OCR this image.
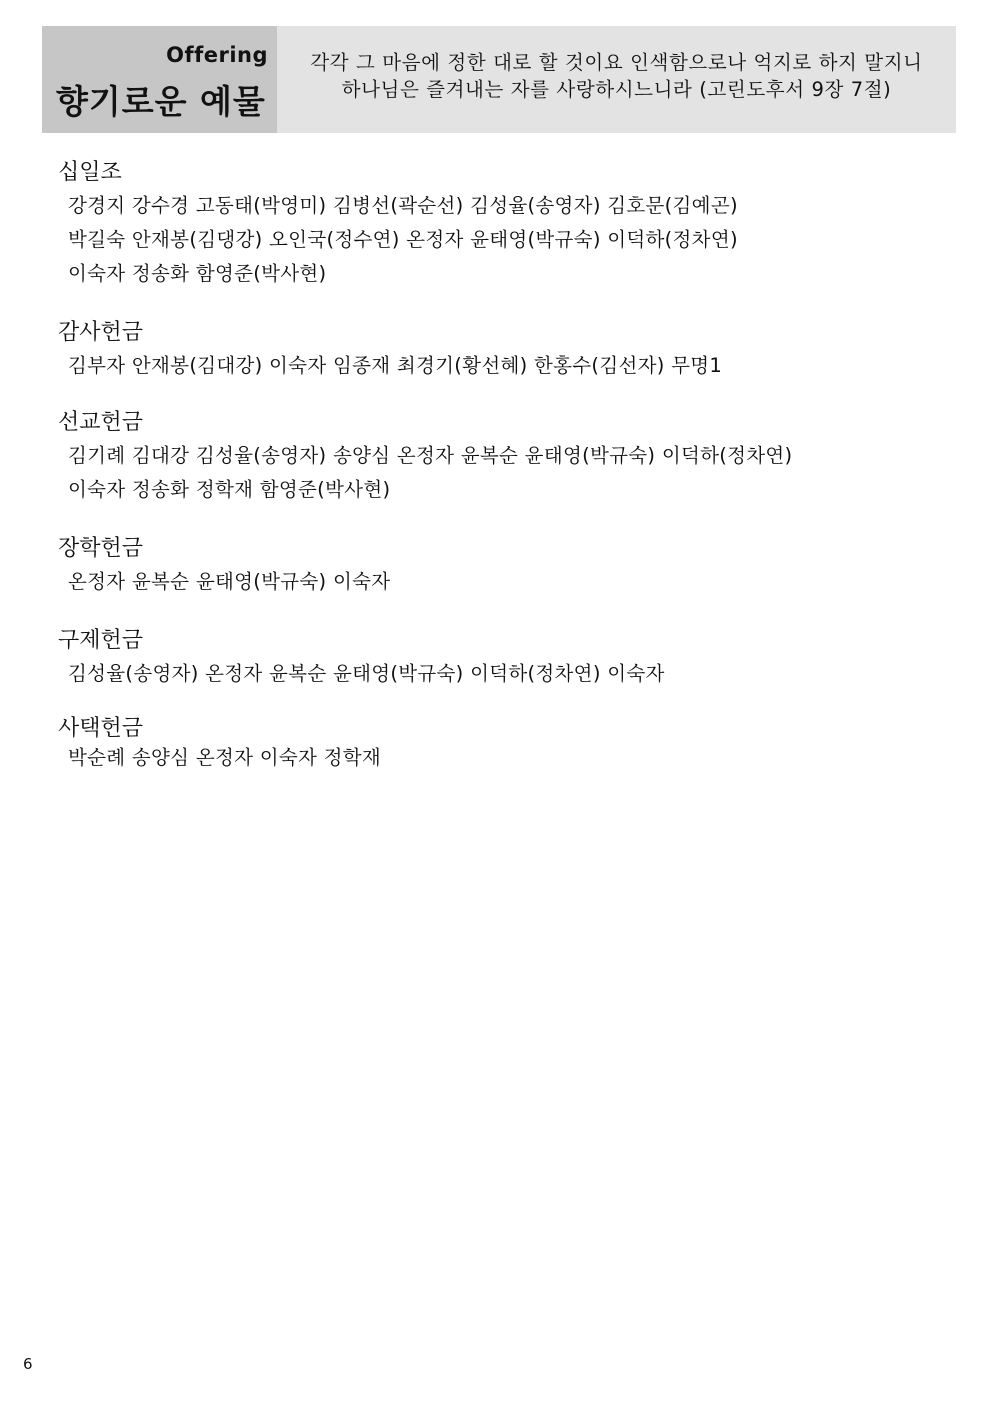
Offering
향기로운 예물
각각 그 마음에 정한 대로 할 것이요 인색함으로나 억지로 하지 말지니
하나님은 즐겨내는 자를 사랑하시느니라 (고린도후서 9장 7절)
십일조
강경지 강수경 고동태(박영미) 김병선(곽순선) 김성율(송영자) 김호문(김예곤)
박길숙 안재봉(김댕강) 오인국(정수연) 온정자 윤태영(박규숙) 이덕하(정차연)
이숙자 정송화 함영준(박사현)
감사헌금
김부자 안재봉(김대강) 이숙자 임종재 최경기(황선혜) 한홍수(김선자) 무명1
선교헌금
김기례 김대강 김성율(송영자) 송양심 온정자 윤복순 윤태영(박규숙) 이덕하(정차연)
이숙자 정송화 정학재 함영준(박사현)
장학헌금
온정자 윤복순 윤태영(박규숙) 이숙자
구제헌금
김성율(송영자) 온정자 윤복순 윤태영(박규숙) 이덕하(정차연) 이숙자
사택헌금
박순례 송양심 온정자 이숙자 정학재
6
